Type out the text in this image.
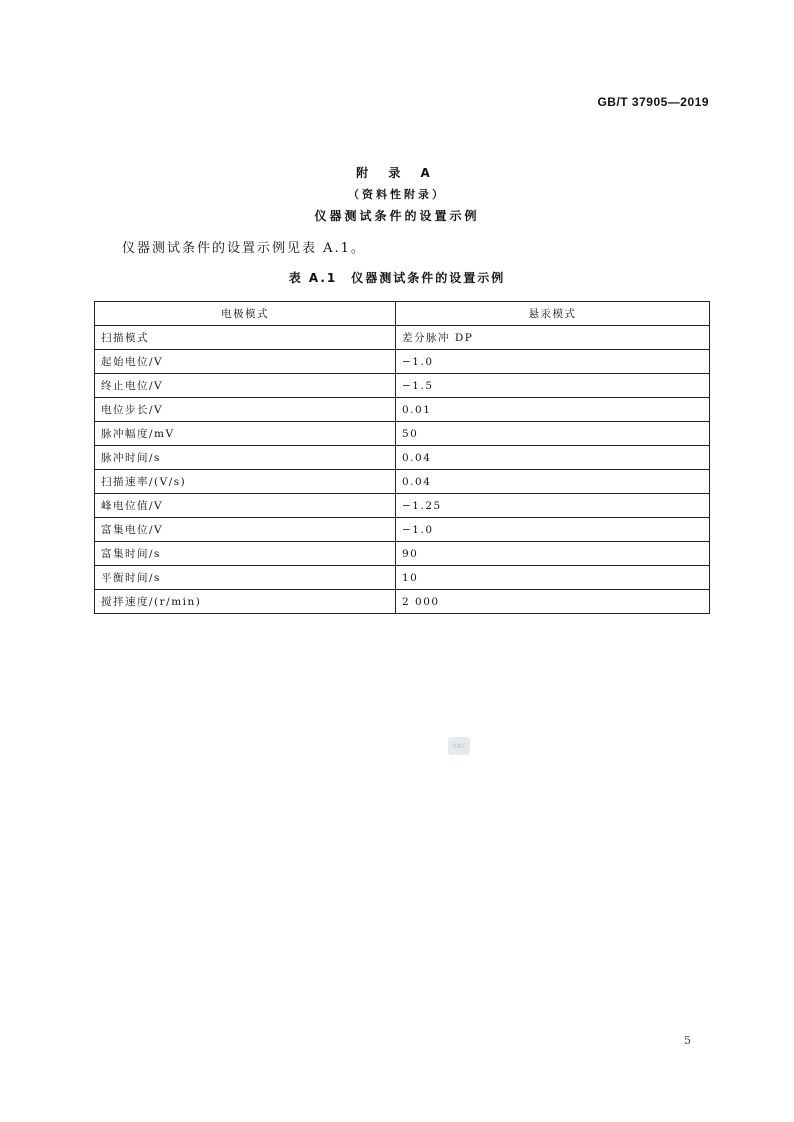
GB/T 37905—2019
附 录 A
（资料性附录）
仪器测试条件的设置示例
仪器测试条件的设置示例见表 A.1。
表 A.1 仪器测试条件的设置示例
电极模式	悬汞模式
扫描模式	差分脉冲 DP
起始电位/V	−1.0
终止电位/V	−1.5
电位步长/V	0.01
脉冲幅度/mV	50
脉冲时间/s	0.04
扫描速率/(V/s)	0.04
峰电位值/V	−1.25
富集电位/V	−1.0
富集时间/s	90
平衡时间/s	10
搅拌速度/(r/min)	2 000
SAC
5
